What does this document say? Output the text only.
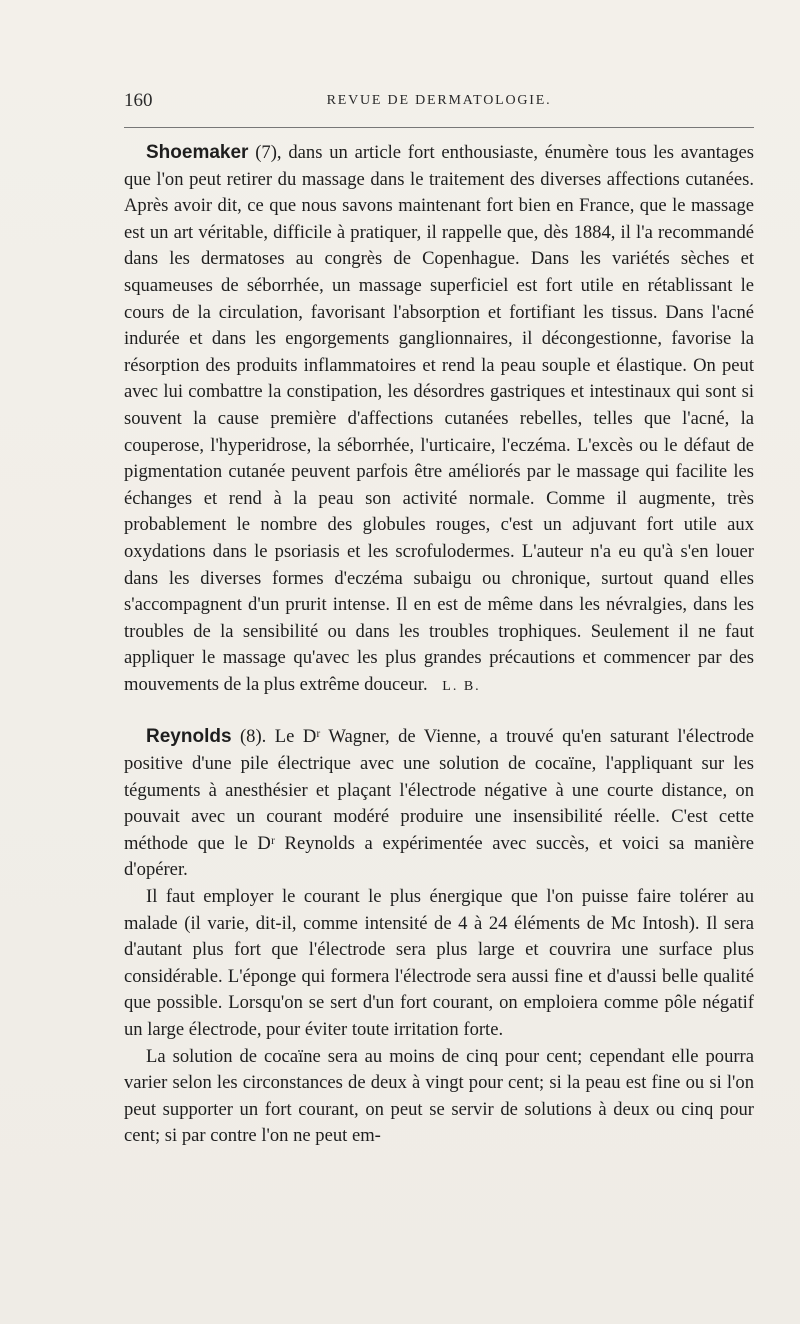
160	REVUE DE DERMATOLOGIE.

Shoemaker (7), dans un article fort enthousiaste, énumère tous les avantages que l'on peut retirer du massage dans le traitement des diverses affections cutanées. Après avoir dit, ce que nous savons maintenant fort bien en France, que le massage est un art véritable, difficile à pratiquer, il rappelle que, dès 1884, il l'a recommandé dans les dermatoses au congrès de Copenhague. Dans les variétés sèches et squameuses de séborrhée, un massage superficiel est fort utile en rétablissant le cours de la circulation, favorisant l'absorption et fortifiant les tissus. Dans l'acné indurée et dans les engorgements ganglionnaires, il décongestionne, favorise la résorption des produits inflammatoires et rend la peau souple et élastique. On peut avec lui combattre la constipation, les désordres gastriques et intestinaux qui sont si souvent la cause première d'affections cutanées rebelles, telles que l'acné, la couperose, l'hyperidrose, la séborrhée, l'urticaire, l'eczéma. L'excès ou le défaut de pigmentation cutanée peuvent parfois être améliorés par le massage qui facilite les échanges et rend à la peau son activité normale. Comme il augmente, très probablement le nombre des globules rouges, c'est un adjuvant fort utile aux oxydations dans le psoriasis et les scrofulodermes. L'auteur n'a eu qu'à s'en louer dans les diverses formes d'eczéma subaigu ou chronique, surtout quand elles s'accompagnent d'un prurit intense. Il en est de même dans les névralgies, dans les troubles de la sensibilité ou dans les troubles trophiques. Seulement il ne faut appliquer le massage qu'avec les plus grandes précautions et commencer par des mouvements de la plus extrême douceur. L. B.

Reynolds (8). Le Dʳ Wagner, de Vienne, a trouvé qu'en saturant l'électrode positive d'une pile électrique avec une solution de cocaïne, l'appliquant sur les téguments à anesthésier et plaçant l'électrode négative à une courte distance, on pouvait avec un courant modéré produire une insensibilité réelle. C'est cette méthode que le Dʳ Reynolds a expérimentée avec succès, et voici sa manière d'opérer.

Il faut employer le courant le plus énergique que l'on puisse faire tolérer au malade (il varie, dit-il, comme intensité de 4 à 24 éléments de Mc Intosh). Il sera d'autant plus fort que l'électrode sera plus large et couvrira une surface plus considérable. L'éponge qui formera l'électrode sera aussi fine et d'aussi belle qualité que possible. Lorsqu'on se sert d'un fort courant, on emploiera comme pôle négatif un large électrode, pour éviter toute irritation forte.

La solution de cocaïne sera au moins de cinq pour cent; cependant elle pourra varier selon les circonstances de deux à vingt pour cent; si la peau est fine ou si l'on peut supporter un fort courant, on peut se servir de solutions à deux ou cinq pour cent; si par contre l'on ne peut em-
